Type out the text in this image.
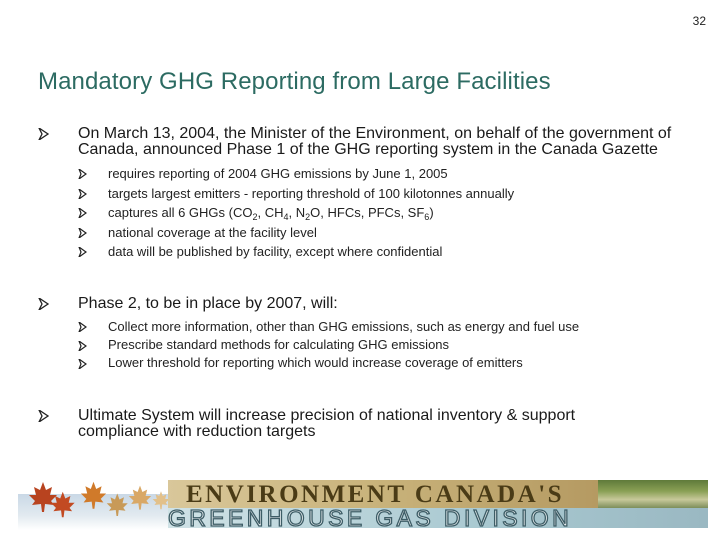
32
Mandatory GHG Reporting from Large Facilities
On March 13, 2004, the Minister of the Environment, on behalf of the government of Canada, announced Phase 1 of the GHG reporting system in the Canada Gazette
requires reporting of 2004 GHG emissions by June 1, 2005
targets largest emitters - reporting threshold of 100 kilotonnes annually
captures all 6 GHGs ($CO_2$, $CH_4$, $N_2O$, HFCs, PFCs, $SF_6$)
national coverage at the facility level
data will be published by facility, except where confidential
Phase 2, to be in place by 2007, will:
Collect more information, other than GHG emissions, such as energy and fuel use
Prescribe standard methods for calculating GHG emissions
Lower threshold for reporting which would increase coverage of emitters
Ultimate System will increase precision of national inventory & support compliance with reduction targets
ENVIRONMENT CANADA'S
GREENHOUSE GAS DIVISION
